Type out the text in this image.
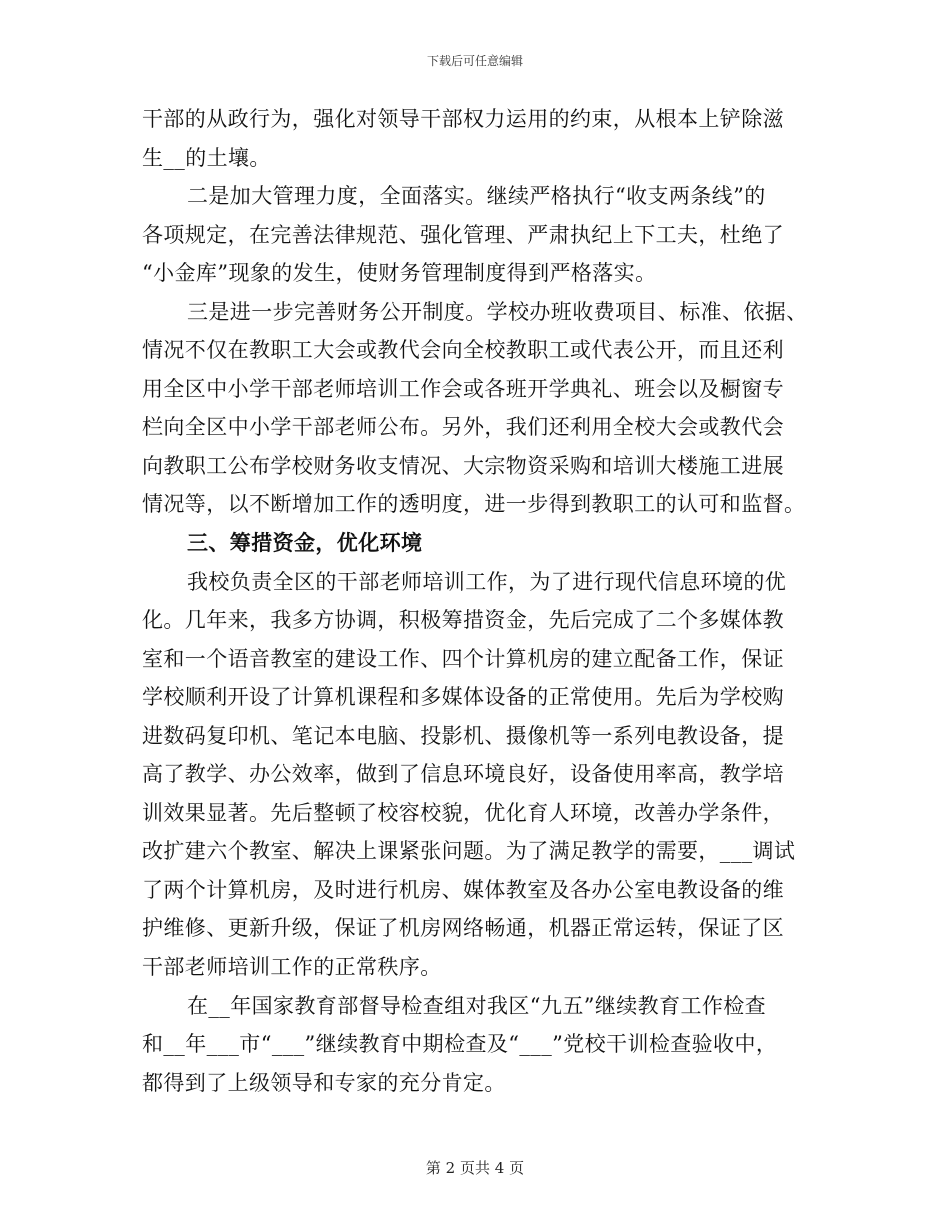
下载后可任意编辑
干部的从政行为，强化对领导干部权力运用的约束，从根本上铲除滋
生__的土壤。
二是加大管理力度，全面落实。继续严格执行“收支两条线”的
各项规定，在完善法律规范、强化管理、严肃执纪上下工夫，杜绝了
“小金库”现象的发生，使财务管理制度得到严格落实。
三是进一步完善财务公开制度。学校办班收费项目、标准、依据、
情况不仅在教职工大会或教代会向全校教职工或代表公开，而且还利
用全区中小学干部老师培训工作会或各班开学典礼、班会以及橱窗专
栏向全区中小学干部老师公布。另外，我们还利用全校大会或教代会
向教职工公布学校财务收支情况、大宗物资采购和培训大楼施工进展
情况等，以不断增加工作的透明度，进一步得到教职工的认可和监督。
三、筹措资金，优化环境
我校负责全区的干部老师培训工作，为了进行现代信息环境的优
化。几年来，我多方协调，积极筹措资金，先后完成了二个多媒体教
室和一个语音教室的建设工作、四个计算机房的建立配备工作，保证
学校顺利开设了计算机课程和多媒体设备的正常使用。先后为学校购
进数码复印机、笔记本电脑、投影机、摄像机等一系列电教设备，提
高了教学、办公效率，做到了信息环境良好，设备使用率高，教学培
训效果显著。先后整顿了校容校貌，优化育人环境，改善办学条件，
改扩建六个教室、解决上课紧张问题。为了满足教学的需要，___调试
了两个计算机房，及时进行机房、媒体教室及各办公室电教设备的维
护维修、更新升级，保证了机房网络畅通，机器正常运转，保证了区
干部老师培训工作的正常秩序。
在__年国家教育部督导检查组对我区“九五”继续教育工作检查
和__年___市“___”继续教育中期检查及“___”党校干训检查验收中，
都得到了上级领导和专家的充分肯定。
第 2 页共 4 页
